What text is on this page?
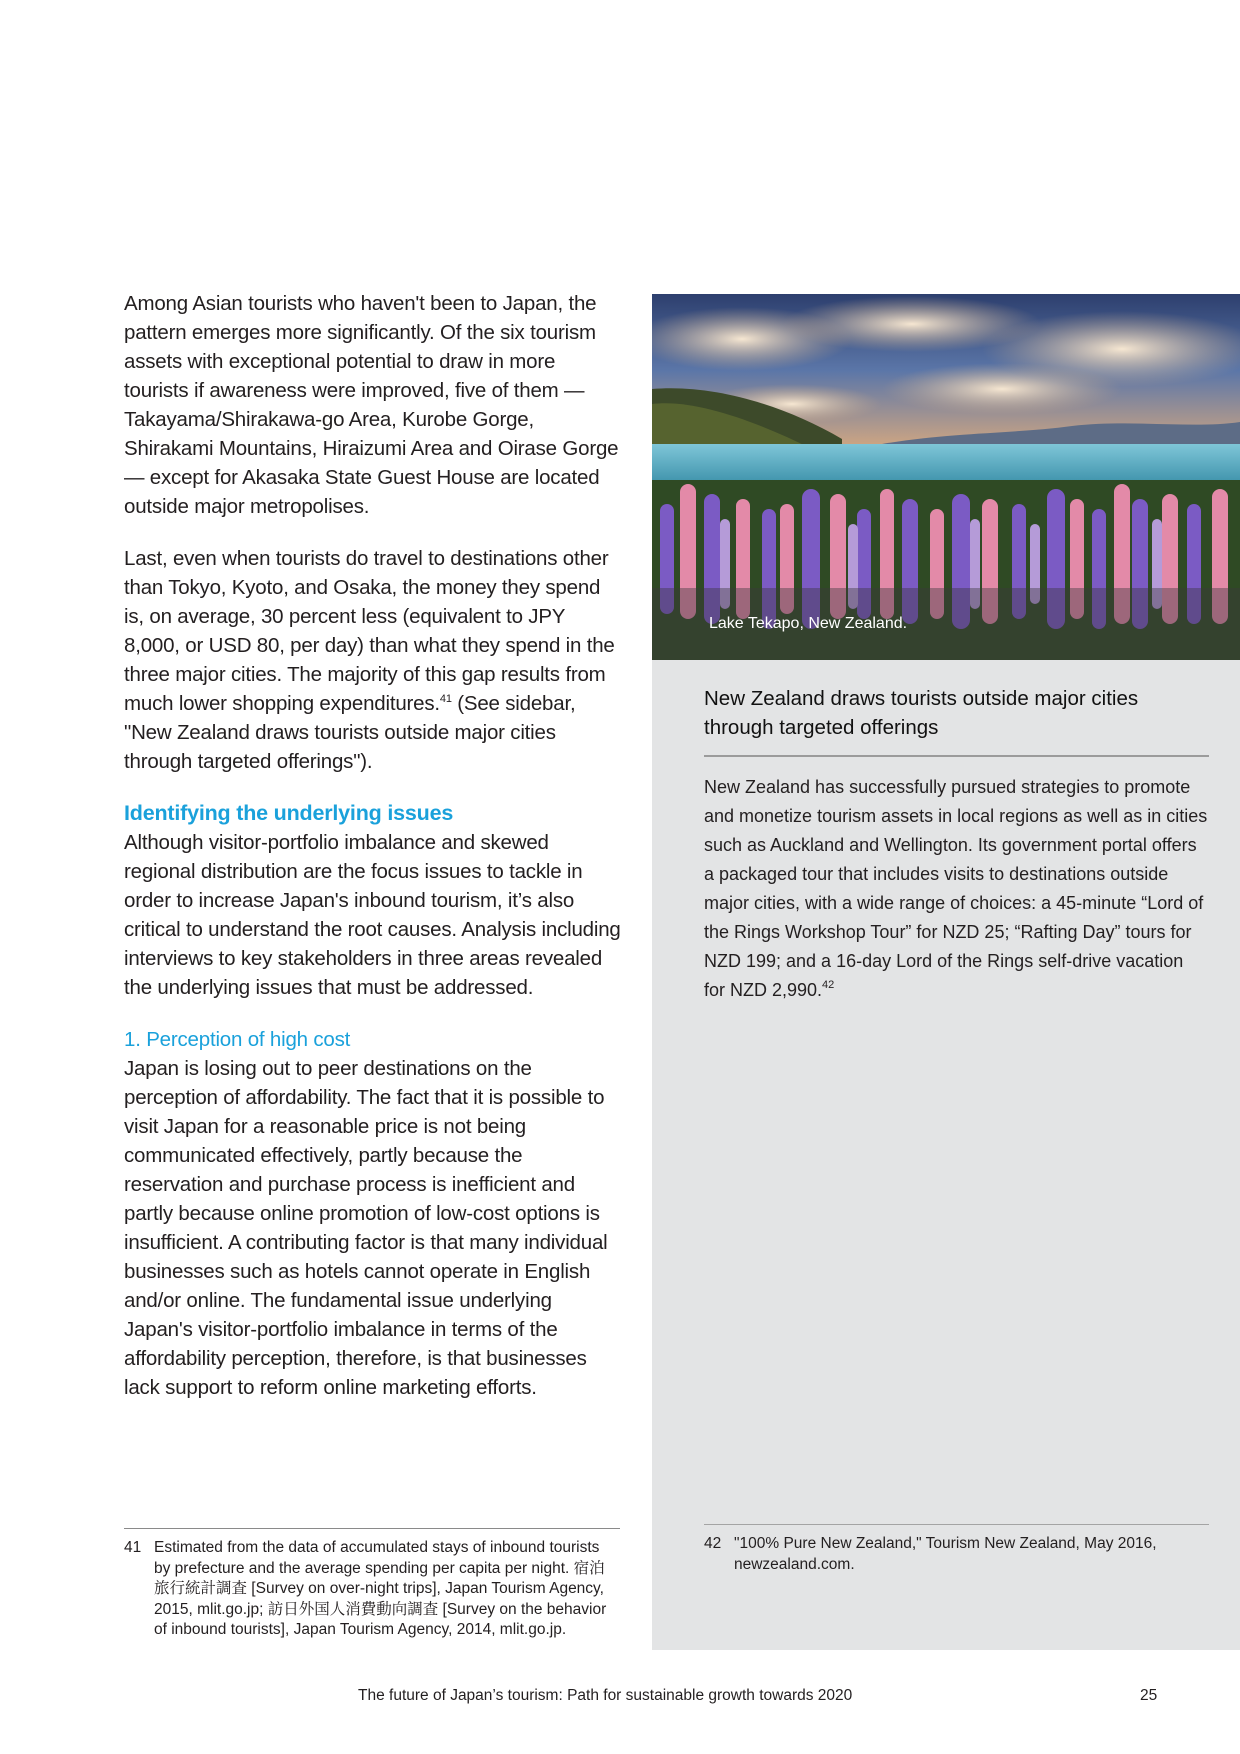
Among Asian tourists who haven't been to Japan, the pattern emerges more significantly. Of the six tourism assets with exceptional potential to draw in more tourists if awareness were improved, five of them — Takayama/Shirakawa-go Area, Kurobe Gorge, Shirakami Mountains, Hiraizumi Area and Oirase Gorge — except for Akasaka State Guest House are located outside major metropolises.

Last, even when tourists do travel to destinations other than Tokyo, Kyoto, and Osaka, the money they spend is, on average, 30 percent less (equivalent to JPY 8,000, or USD 80, per day) than what they spend in the three major cities. The majority of this gap results from much lower shopping expenditures.$^{41}$ (See sidebar, "New Zealand draws tourists outside major cities through targeted offerings").

Identifying the underlying issues

Although visitor-portfolio imbalance and skewed regional distribution are the focus issues to tackle in order to increase Japan's inbound tourism, it’s also critical to understand the root causes. Analysis including interviews to key stakeholders in three areas revealed the underlying issues that must be addressed.

1. Perception of high cost

Japan is losing out to peer destinations on the perception of affordability. The fact that it is possible to visit Japan for a reasonable price is not being communicated effectively, partly because the reservation and purchase process is inefficient and partly because online promotion of low-cost options is insufficient. A contributing factor is that many individual businesses such as hotels cannot operate in English and/or online. The fundamental issue underlying Japan's visitor-portfolio imbalance in terms of the affordability perception, therefore, is that businesses lack support to reform online marketing efforts.

41 Estimated from the data of accumulated stays of inbound tourists by prefecture and the average spending per capita per night. 宿泊旅行統計調査 [Survey on over-night trips], Japan Tourism Agency, 2015, mlit.go.jp; 訪日外国人消費動向調査 [Survey on the behavior of inbound tourists], Japan Tourism Agency, 2014, mlit.go.jp.
Lake Tekapo, New Zealand.
New Zealand draws tourists outside major cities through targeted offerings

New Zealand has successfully pursued strategies to promote and monetize tourism assets in local regions as well as in cities such as Auckland and Wellington. Its government portal offers a packaged tour that includes visits to destinations outside major cities, with a wide range of choices: a 45-minute “Lord of the Rings Workshop Tour” for NZD 25; “Rafting Day” tours for NZD 199; and a 16-day Lord of the Rings self-drive vacation for NZD 2,990.42

42 "100% Pure New Zealand," Tourism New Zealand, May 2016, newzealand.com.
The future of Japan’s tourism: Path for sustainable growth towards 2020	25
